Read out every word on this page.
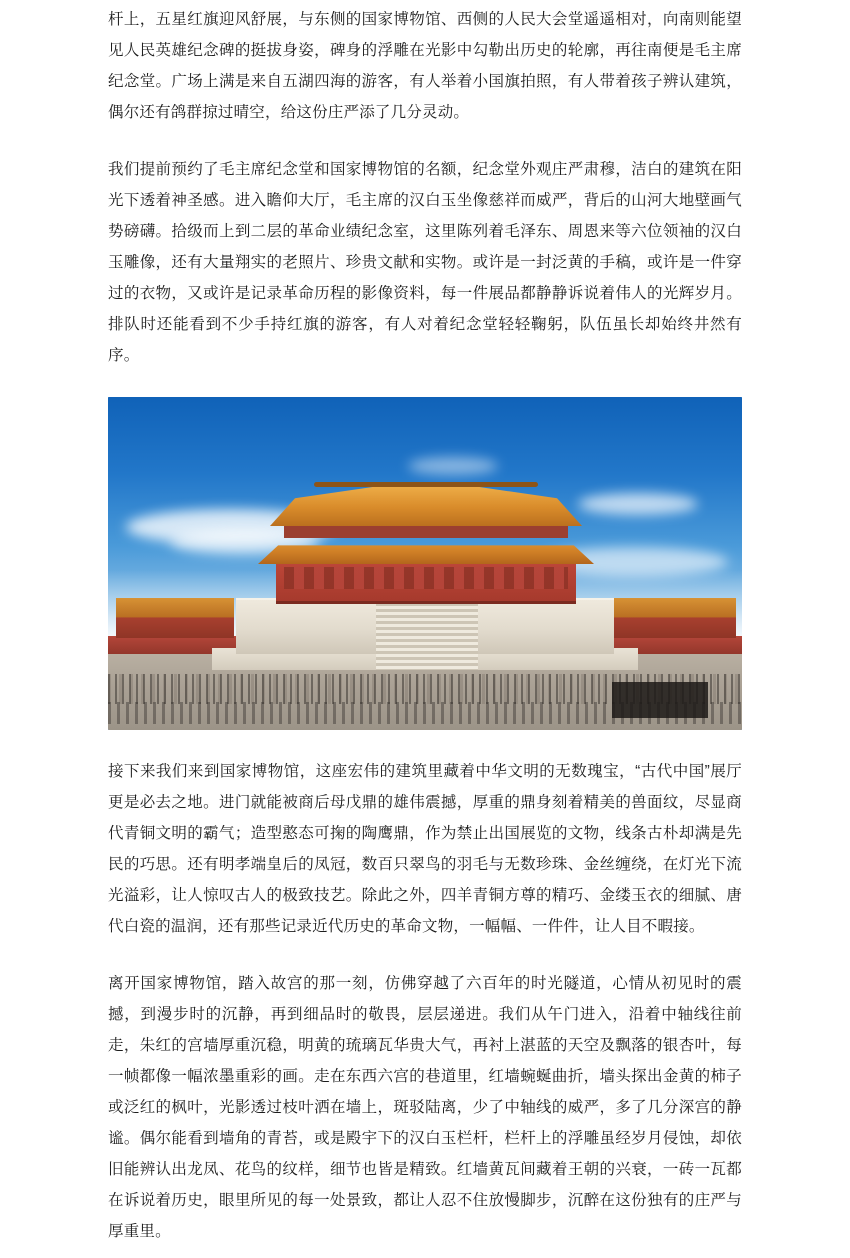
杆上，五星红旗迎风舒展，与东侧的国家博物馆、西侧的人民大会堂遥遥相对，向南则能望见人民英雄纪念碑的挺拔身姿，碑身的浮雕在光影中勾勒出历史的轮廓，再往南便是毛主席纪念堂。广场上满是来自五湖四海的游客，有人举着小国旗拍照，有人带着孩子辨认建筑，偶尔还有鸽群掠过晴空，给这份庄严添了几分灵动。

我们提前预约了毛主席纪念堂和国家博物馆的名额，纪念堂外观庄严肃穆，洁白的建筑在阳光下透着神圣感。进入瞻仰大厅，毛主席的汉白玉坐像慈祥而威严，背后的山河大地壁画气势磅礴。拾级而上到二层的革命业绩纪念室，这里陈列着毛泽东、周恩来等六位领袖的汉白玉雕像，还有大量翔实的老照片、珍贵文献和实物。或许是一封泛黄的手稿，或许是一件穿过的衣物，又或许是记录革命历程的影像资料，每一件展品都静静诉说着伟人的光辉岁月。排队时还能看到不少手持红旗的游客，有人对着纪念堂轻轻鞠躬，队伍虽长却始终井然有序。

接下来我们来到国家博物馆，这座宏伟的建筑里藏着中华文明的无数瑰宝，“古代中国”展厅更是必去之地。进门就能被商后母戊鼎的雄伟震撼，厚重的鼎身刻着精美的兽面纹，尽显商代青铜文明的霸气；造型憨态可掬的陶鹰鼎，作为禁止出国展览的文物，线条古朴却满是先民的巧思。还有明孝端皇后的凤冠，数百只翠鸟的羽毛与无数珍珠、金丝缠绕，在灯光下流光溢彩，让人惊叹古人的极致技艺。除此之外，四羊青铜方尊的精巧、金缕玉衣的细腻、唐代白瓷的温润，还有那些记录近代历史的革命文物，一幅幅、一件件，让人目不暇接。

离开国家博物馆，踏入故宫的那一刻，仿佛穿越了六百年的时光隧道，心情从初见时的震撼，到漫步时的沉静，再到细品时的敬畏，层层递进。我们从午门进入，沿着中轴线往前走，朱红的宫墙厚重沉稳，明黄的琉璃瓦华贵大气，再衬上湛蓝的天空及飘落的银杏叶，每一帧都像一幅浓墨重彩的画。走在东西六宫的巷道里，红墙蜿蜒曲折，墙头探出金黄的柿子或泛红的枫叶，光影透过枝叶洒在墙上，斑驳陆离，少了中轴线的威严，多了几分深宫的静谧。偶尔能看到墙角的青苔，或是殿宇下的汉白玉栏杆，栏杆上的浮雕虽经岁月侵蚀，却依旧能辨认出龙凤、花鸟的纹样，细节也皆是精致。红墙黄瓦间藏着王朝的兴衰，一砖一瓦都在诉说着历史，眼里所见的每一处景致，都让人忍不住放慢脚步，沉醉在这份独有的庄严与厚重里。
